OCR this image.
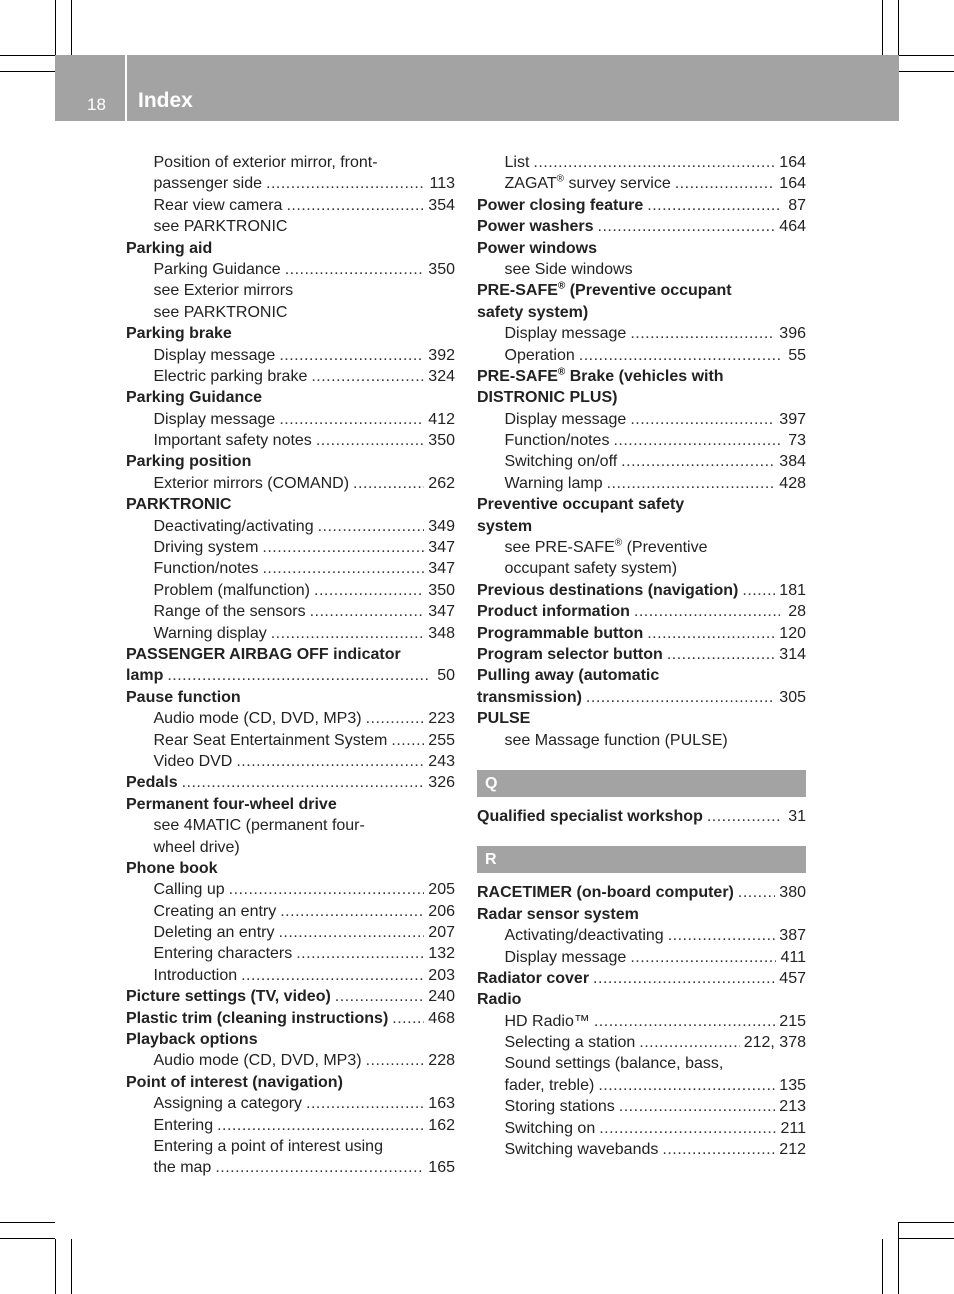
18 Index
Position of exterior mirror, front-
passenger side .....	113
Rear view camera .....	354
see PARKTRONIC
Parking aid
Parking Guidance .....	350
see Exterior mirrors
see PARKTRONIC
Parking brake
Display message .....	392
Electric parking brake .....	324
Parking Guidance
Display message .....	412
Important safety notes .....	350
Parking position
Exterior mirrors (COMAND) .....	262
PARKTRONIC
Deactivating/activating .....	349
Driving system .....	347
Function/notes .....	347
Problem (malfunction) .....	350
Range of the sensors .....	347
Warning display .....	348
PASSENGER AIRBAG OFF indicator
lamp .....	50
Pause function
Audio mode (CD, DVD, MP3) .....	223
Rear Seat Entertainment System .....	255
Video DVD .....	243
Pedals .....	326
Permanent four-wheel drive
see 4MATIC (permanent four-
wheel drive)
Phone book
Calling up .....	205
Creating an entry .....	206
Deleting an entry .....	207
Entering characters .....	132
Introduction .....	203
Picture settings (TV, video) .....	240
Plastic trim (cleaning instructions) .....	468
Playback options
Audio mode (CD, DVD, MP3) .....	228
Point of interest (navigation)
Assigning a category .....	163
Entering .....	162
Entering a point of interest using
the map .....	165
List .....	164
ZAGAT® survey service .....	164
Power closing feature .....	87
Power washers .....	464
Power windows
see Side windows
PRE-SAFE® (Preventive occupant
safety system)
Display message .....	396
Operation .....	55
PRE-SAFE® Brake (vehicles with
DISTRONIC PLUS)
Display message .....	397
Function/notes .....	73
Switching on/off .....	384
Warning lamp .....	428
Preventive occupant safety
system
see PRE-SAFE® (Preventive
occupant safety system)
Previous destinations (navigation) .....	181
Product information .....	28
Programmable button .....	120
Program selector button .....	314
Pulling away (automatic
transmission) .....	305
PULSE
see Massage function (PULSE)
Q
Qualified specialist workshop .....	31
R
RACETIMER (on-board computer) .....	380
Radar sensor system
Activating/deactivating .....	387
Display message .....	411
Radiator cover .....	457
Radio
HD Radio™ .....	215
Selecting a station .....	212, 378
Sound settings (balance, bass,
fader, treble) .....	135
Storing stations .....	213
Switching on .....	211
Switching wavebands .....	212
